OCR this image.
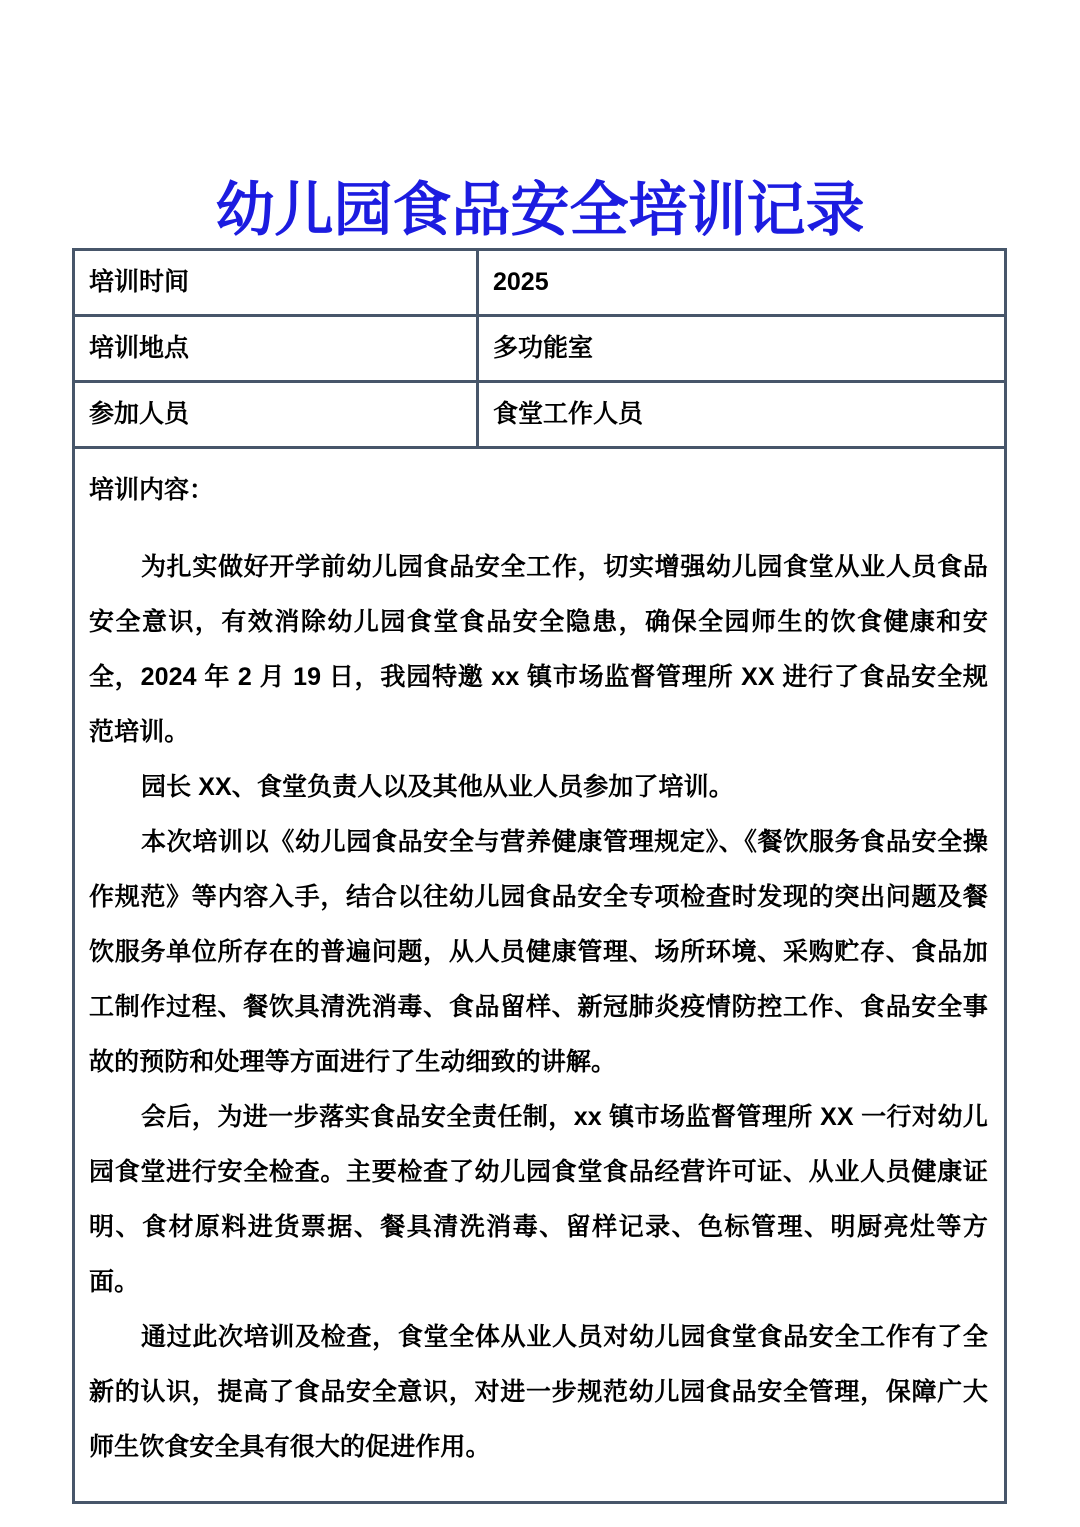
幼儿园食品安全培训记录
培训时间	2025

培训地点	多功能室

参加人员	食堂工作人员

培训内容：

为扎实做好开学前幼儿园食品安全工作，切实增强幼儿园食堂从业人员食品安全意识，有效消除幼儿园食堂食品安全隐患，确保全园师生的饮食健康和安全，2024 年 2 月 19 日，我园特邀 xx 镇市场监督管理所 XX 进行了食品安全规范培训。

园长 XX、食堂负责人以及其他从业人员参加了培训。

本次培训以《幼儿园食品安全与营养健康管理规定》、《餐饮服务食品安全操作规范》等内容入手，结合以往幼儿园食品安全专项检查时发现的突出问题及餐饮服务单位所存在的普遍问题，从人员健康管理、场所环境、采购贮存、食品加工制作过程、餐饮具清洗消毒、食品留样、新冠肺炎疫情防控工作、食品安全事故的预防和处理等方面进行了生动细致的讲解。

会后，为进一步落实食品安全责任制，xx 镇市场监督管理所 XX 一行对幼儿园食堂进行安全检查。主要检查了幼儿园食堂食品经营许可证、从业人员健康证明、食材原料进货票据、餐具清洗消毒、留样记录、色标管理、明厨亮灶等方面。

通过此次培训及检查，食堂全体从业人员对幼儿园食堂食品安全工作有了全新的认识，提高了食品安全意识，对进一步规范幼儿园食品安全管理，保障广大师生饮食安全具有很大的促进作用。
